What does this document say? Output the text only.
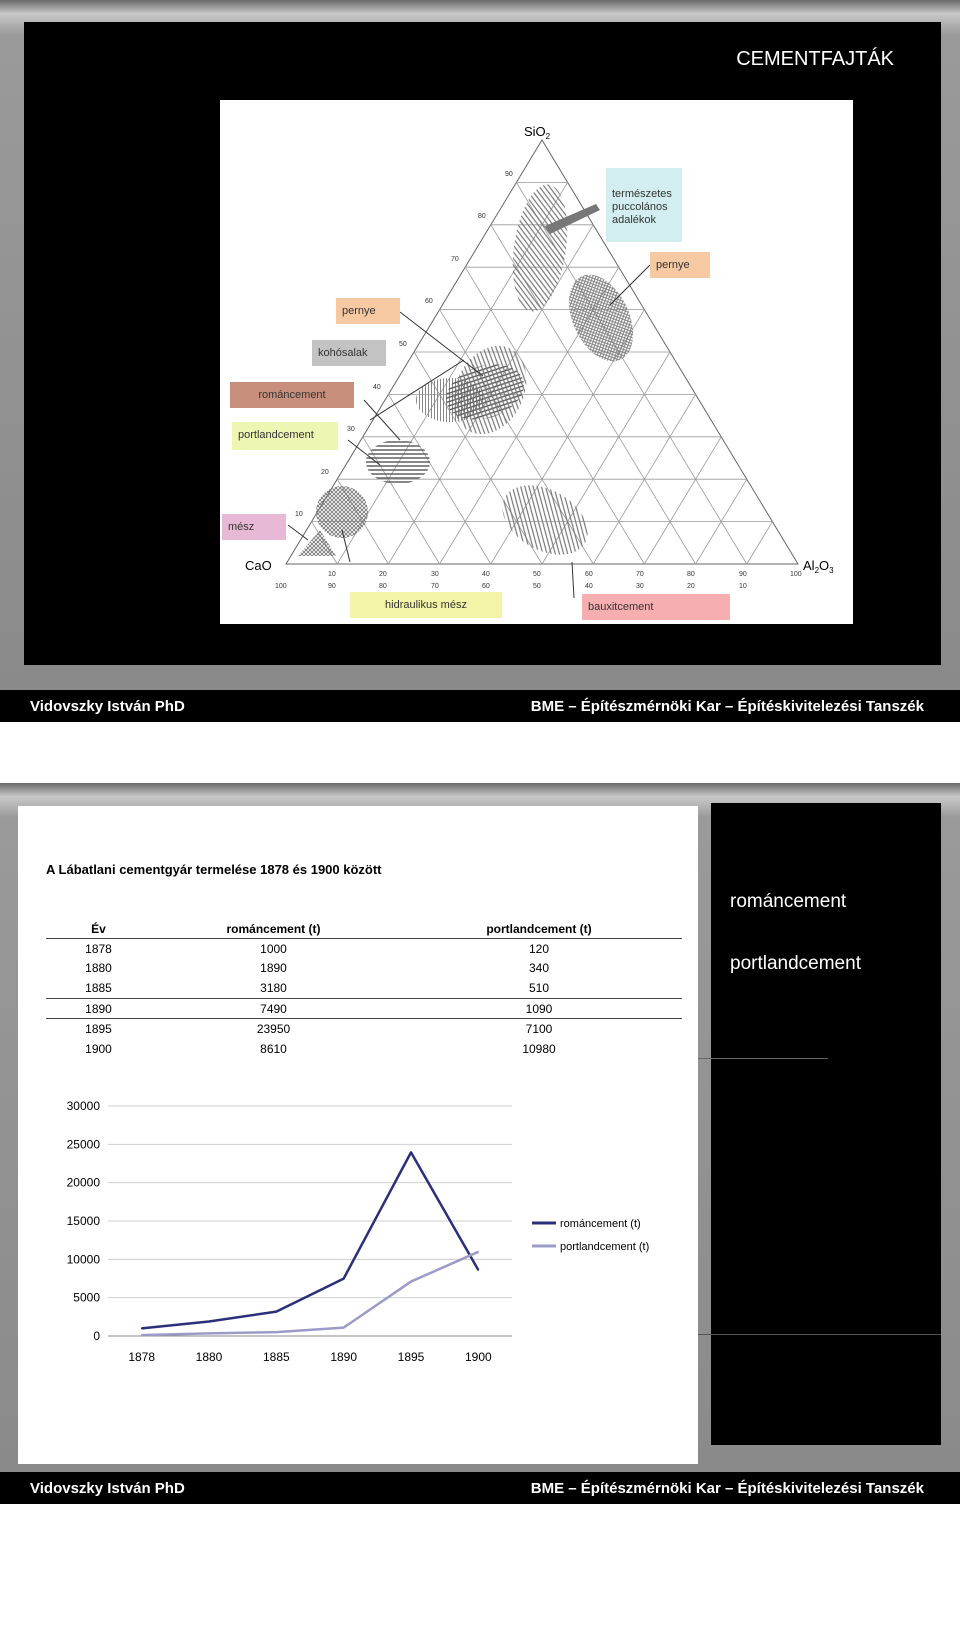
CEMENTFAJTÁK
90
80
70
60
50
40
30
20
10
10	20	30	40	50	60	70	80	90	100
100	90	80	70	60	50	40	30	20	10
SiO$_2$
CaO	$Al_2O_3$
természetes
puccolános
adalékok
pernye
pernye
kohósalak
románcement
portlandcement
mész
hidraulikus mész	bauxitcement
Vidovszky István PhD	BME – Építészmérnöki Kar – Építéskivitelezési Tanszék
CEMENT FAJTÁK
románcement
portlandcement
Vidovszky István PhD	BME – Építészmérnöki Kar – Építéskivitelezési Tanszék
A Lábatlani cementgyár termelése 1878 és 1900 között
Év	románcement (t)	portlandcement (t)
1878	1000	120
1880	1890	340
1885	3180	510
1890	7490	1090
1895	23950	7100
1900	8610	10980
0
5000
10000
15000
20000
25000
30000
1878	1880	1885	1890	1895	1900
románcement (t)
portlandcement (t)
